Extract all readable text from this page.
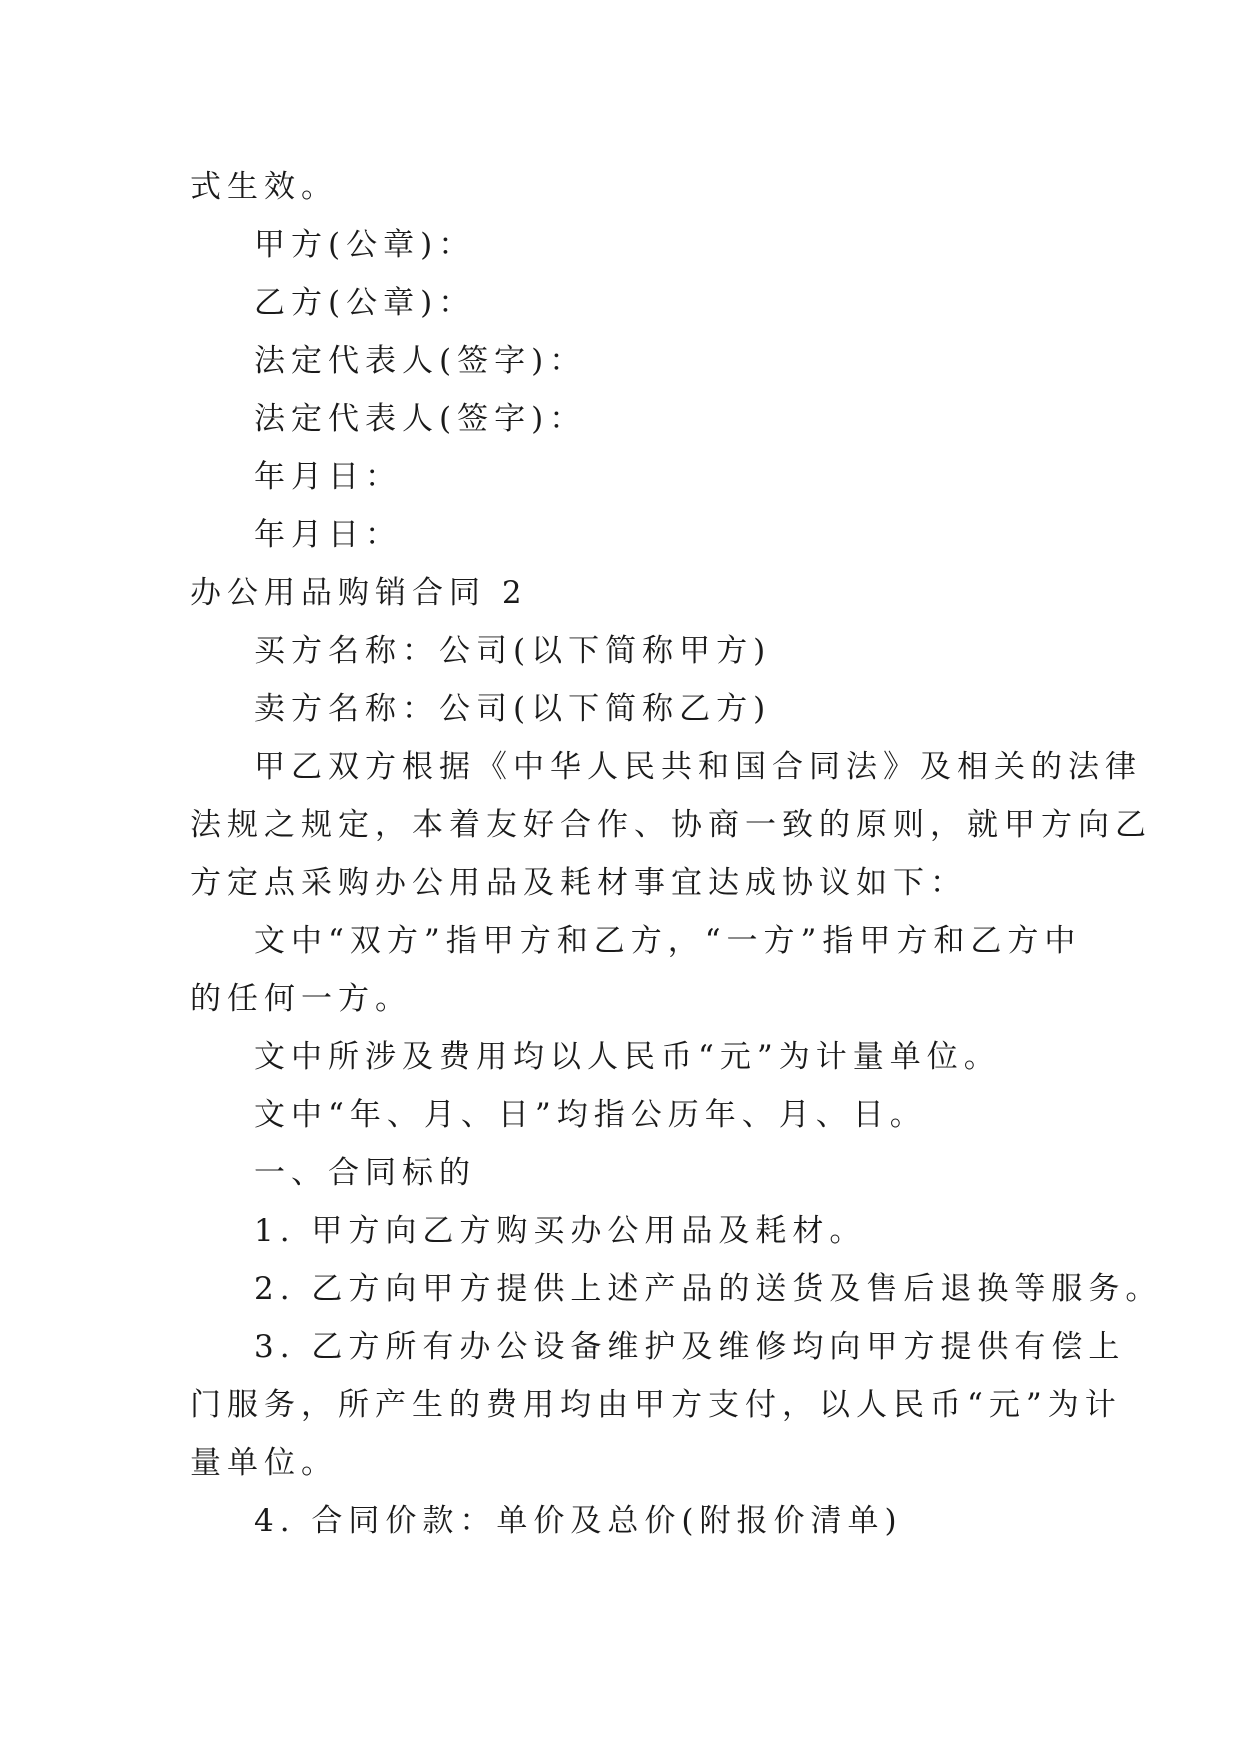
式生效。
甲方(公章)：
乙方(公章)：
法定代表人(签字)：
法定代表人(签字)：
年月日：
年月日：
办公用品购销合同 2
买方名称：公司(以下简称甲方)
卖方名称：公司(以下简称乙方)
甲乙双方根据《中华人民共和国合同法》及相关的法律
法规之规定，本着友好合作、协商一致的原则，就甲方向乙
方定点采购办公用品及耗材事宜达成协议如下：
文中“双方”指甲方和乙方，“一方”指甲方和乙方中
的任何一方。
文中所涉及费用均以人民币“元”为计量单位。
文中“年、月、日”均指公历年、月、日。
一、合同标的
1. 甲方向乙方购买办公用品及耗材。
2. 乙方向甲方提供上述产品的送货及售后退换等服务。
3. 乙方所有办公设备维护及维修均向甲方提供有偿上
门服务，所产生的费用均由甲方支付，以人民币“元”为计
量单位。
4. 合同价款：单价及总价(附报价清单)
